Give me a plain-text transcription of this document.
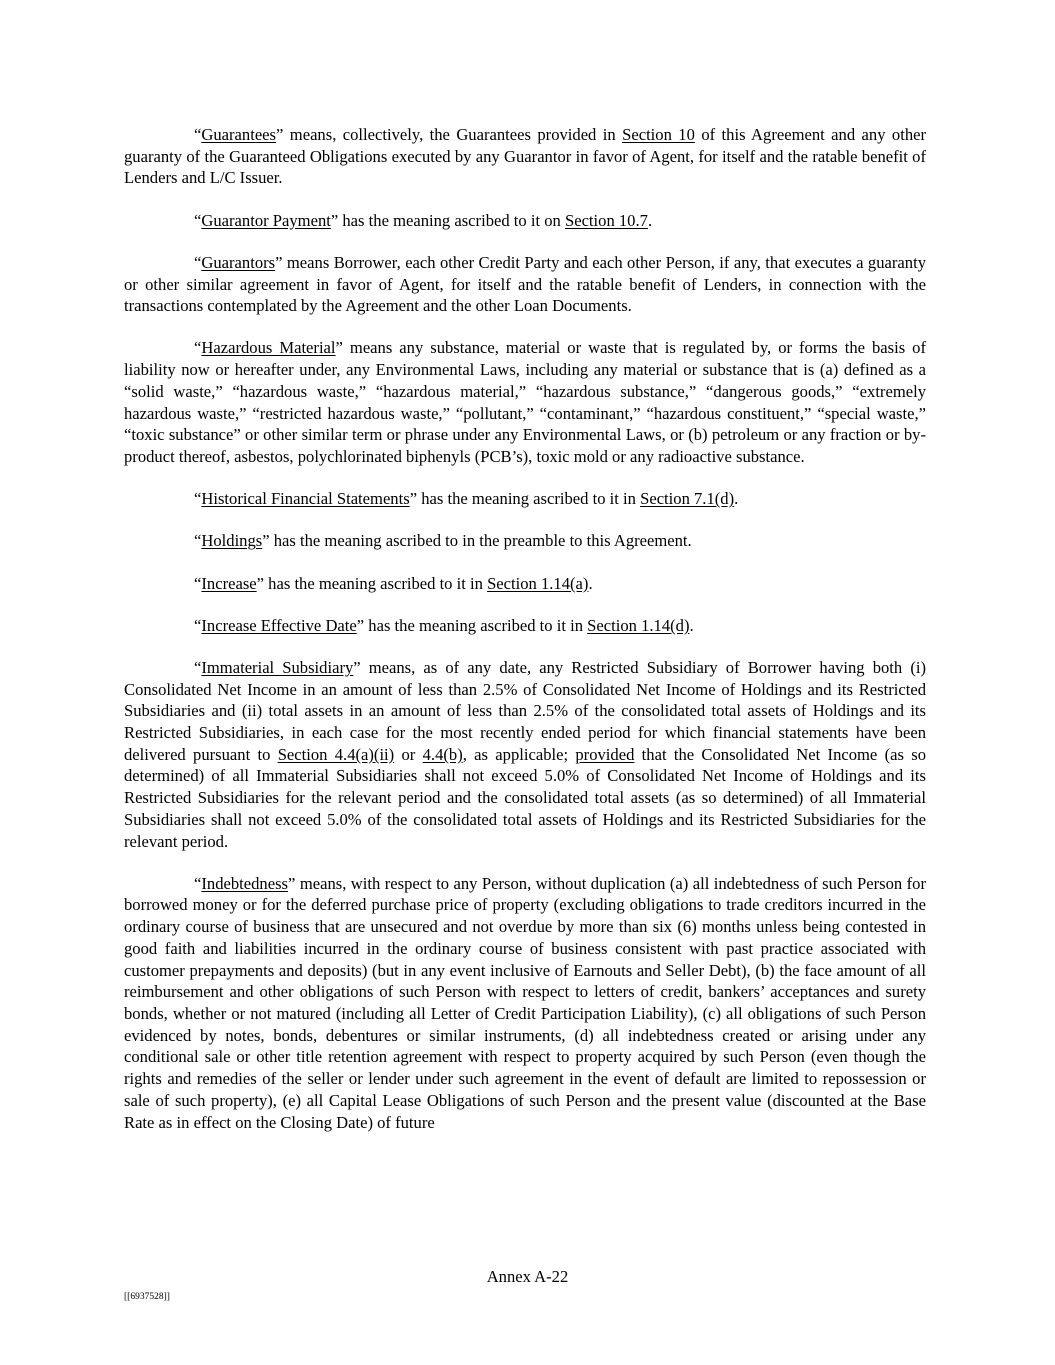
“Guarantees” means, collectively, the Guarantees provided in Section 10 of this Agreement and any other guaranty of the Guaranteed Obligations executed by any Guarantor in favor of Agent, for itself and the ratable benefit of Lenders and L/C Issuer.

“Guarantor Payment” has the meaning ascribed to it on Section 10.7.

“Guarantors” means Borrower, each other Credit Party and each other Person, if any, that executes a guaranty or other similar agreement in favor of Agent, for itself and the ratable benefit of Lenders, in connection with the transactions contemplated by the Agreement and the other Loan Documents.

“Hazardous Material” means any substance, material or waste that is regulated by, or forms the basis of liability now or hereafter under, any Environmental Laws, including any material or substance that is (a) defined as a “solid waste,” “hazardous waste,” “hazardous material,” “hazardous substance,” “dangerous goods,” “extremely hazardous waste,” “restricted hazardous waste,” “pollutant,” “contaminant,” “hazardous constituent,” “special waste,” “toxic substance” or other similar term or phrase under any Environmental Laws, or (b) petroleum or any fraction or by-product thereof, asbestos, polychlorinated biphenyls (PCB’s), toxic mold or any radioactive substance.

“Historical Financial Statements” has the meaning ascribed to it in Section 7.1(d).

“Holdings” has the meaning ascribed to in the preamble to this Agreement.

“Increase” has the meaning ascribed to it in Section 1.14(a).

“Increase Effective Date” has the meaning ascribed to it in Section 1.14(d).

“Immaterial Subsidiary” means, as of any date, any Restricted Subsidiary of Borrower having both (i) Consolidated Net Income in an amount of less than 2.5% of Consolidated Net Income of Holdings and its Restricted Subsidiaries and (ii) total assets in an amount of less than 2.5% of the consolidated total assets of Holdings and its Restricted Subsidiaries, in each case for the most recently ended period for which financial statements have been delivered pursuant to Section 4.4(a)(ii) or 4.4(b), as applicable; provided that the Consolidated Net Income (as so determined) of all Immaterial Subsidiaries shall not exceed 5.0% of Consolidated Net Income of Holdings and its Restricted Subsidiaries for the relevant period and the consolidated total assets (as so determined) of all Immaterial Subsidiaries shall not exceed 5.0% of the consolidated total assets of Holdings and its Restricted Subsidiaries for the relevant period.

“Indebtedness” means, with respect to any Person, without duplication (a) all indebtedness of such Person for borrowed money or for the deferred purchase price of property (excluding obligations to trade creditors incurred in the ordinary course of business that are unsecured and not overdue by more than six (6) months unless being contested in good faith and liabilities incurred in the ordinary course of business consistent with past practice associated with customer prepayments and deposits) (but in any event inclusive of Earnouts and Seller Debt), (b) the face amount of all reimbursement and other obligations of such Person with respect to letters of credit, bankers’ acceptances and surety bonds, whether or not matured (including all Letter of Credit Participation Liability), (c) all obligations of such Person evidenced by notes, bonds, debentures or similar instruments, (d) all indebtedness created or arising under any conditional sale or other title retention agreement with respect to property acquired by such Person (even though the rights and remedies of the seller or lender under such agreement in the event of default are limited to repossession or sale of such property), (e) all Capital Lease Obligations of such Person and the present value (discounted at the Base Rate as in effect on the Closing Date) of future

Annex A-22
[[6937528]]
